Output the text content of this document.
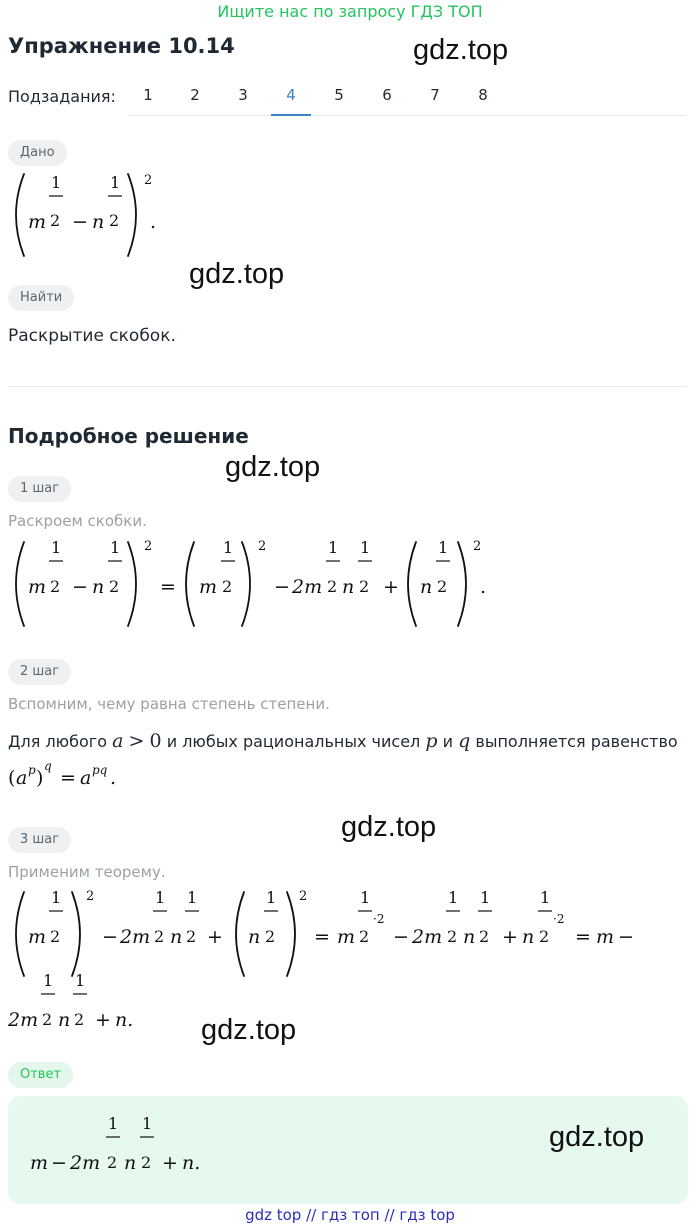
Ищите нас по запросу ГДЗ ТОП
Упражнение 10.14	gdz.top
Подзадания:	1	2	3	4	5	6	7	8
Дано
m
1
2 − n
1
2
2
.
gdz.top
Найти
Раскрытие скобок.
Подробное решение
gdz.top
1 шаг
Раскроем скобки.
m
1
2 − n
1
2
2
= m
1
2
2
− 2m
1
2 n
1
2 + n
1
2
2
.
2 шаг
Вспомним, чему равна степень степени.
Для любого a > 0 и любых рациональных чисел p и q выполняется равенство
( a p )
q
= a pq .
gdz.top
3 шаг
Применим теорему.
m
1
2
2
− 2m
1
2 n
1
2 + n
1
2
2
= m
1
2
·2
− 2m
1
2 n
1
2 + n
1
2
·2
= m −
2m
1
2 n
1
2 + n. gdz.top
Ответ
m − 2m
1
2 n
1
2 + n.
gdz.top
gdz top // гдз топ // гдз top
